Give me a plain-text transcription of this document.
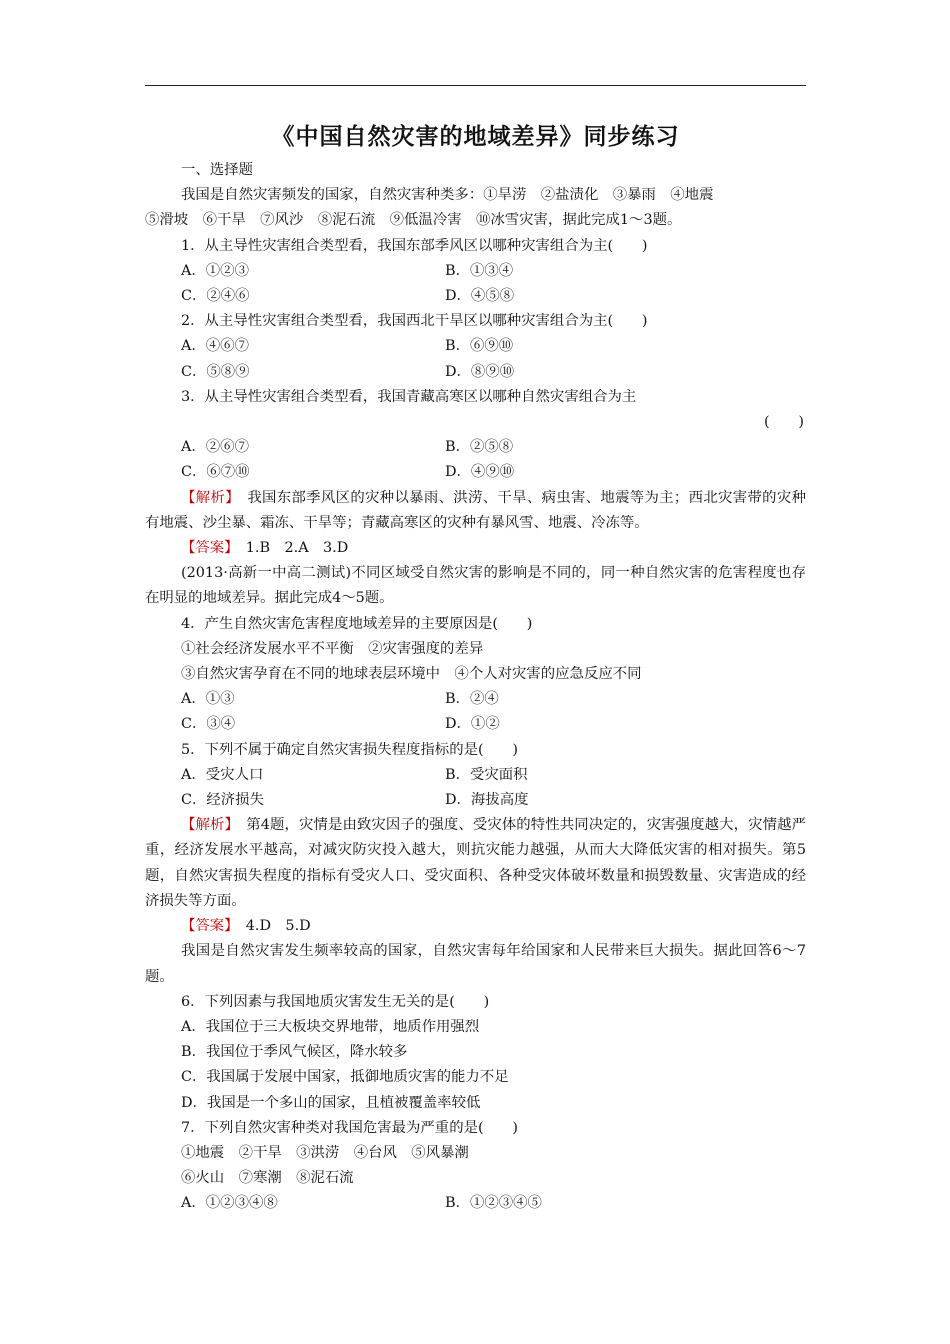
《中国自然灾害的地域差异》同步练习

一、选择题

我国是自然灾害频发的国家，自然灾害种类多：①旱涝　②盐渍化　③暴雨　④地震

⑤滑坡　⑥干旱　⑦风沙　⑧泥石流　⑨低温冷害　⑩冰雪灾害，据此完成1～3题。

1．从主导性灾害组合类型看，我国东部季风区以哪种灾害组合为主(　　)

A．①②③	B．①③④
C．②④⑥	D．④⑤⑧

2．从主导性灾害组合类型看，我国西北干旱区以哪种灾害组合为主(　　)

A．④⑥⑦	B．⑥⑨⑩
C．⑤⑧⑨	D．⑧⑨⑩

3．从主导性灾害组合类型看，我国青藏高寒区以哪种自然灾害组合为主

(　　)

A．②⑥⑦	B．②⑤⑧
C．⑥⑦⑩	D．④⑨⑩

【解析】　我国东部季风区的灾种以暴雨、洪涝、干旱、病虫害、地震等为主；西北灾害带的灾种有地震、沙尘暴、霜冻、干旱等；青藏高寒区的灾种有暴风雪、地震、冷冻等。

【答案】　1.B　2.A　3.D

(2013·高新一中高二测试)不同区域受自然灾害的影响是不同的，同一种自然灾害的危害程度也存在明显的地域差异。据此完成4～5题。

4．产生自然灾害危害程度地域差异的主要原因是(　　)

①社会经济发展水平不平衡　②灾害强度的差异

③自然灾害孕育在不同的地球表层环境中　④个人对灾害的应急反应不同

A．①③	B．②④
C．③④	D．①②

5．下列不属于确定自然灾害损失程度指标的是(　　)

A．受灾人口	B．受灾面积
C．经济损失	D．海拔高度

【解析】　第4题，灾情是由致灾因子的强度、受灾体的特性共同决定的，灾害强度越大，灾情越严重，经济发展水平越高，对减灾防灾投入越大，则抗灾能力越强，从而大大降低灾害的相对损失。第5题，自然灾害损失程度的指标有受灾人口、受灾面积、各种受灾体破坏数量和损毁数量、灾害造成的经济损失等方面。

【答案】　4.D　5.D

我国是自然灾害发生频率较高的国家，自然灾害每年给国家和人民带来巨大损失。据此回答6～7题。

6．下列因素与我国地质灾害发生无关的是(　　)

A．我国位于三大板块交界地带，地质作用强烈

B．我国位于季风气候区，降水较多

C．我国属于发展中国家，抵御地质灾害的能力不足

D．我国是一个多山的国家，且植被覆盖率较低

7．下列自然灾害种类对我国危害最为严重的是(　　)

①地震　②干旱　③洪涝　④台风　⑤风暴潮

⑥火山　⑦寒潮　⑧泥石流

A．①②③④⑧	B．①②③④⑤
